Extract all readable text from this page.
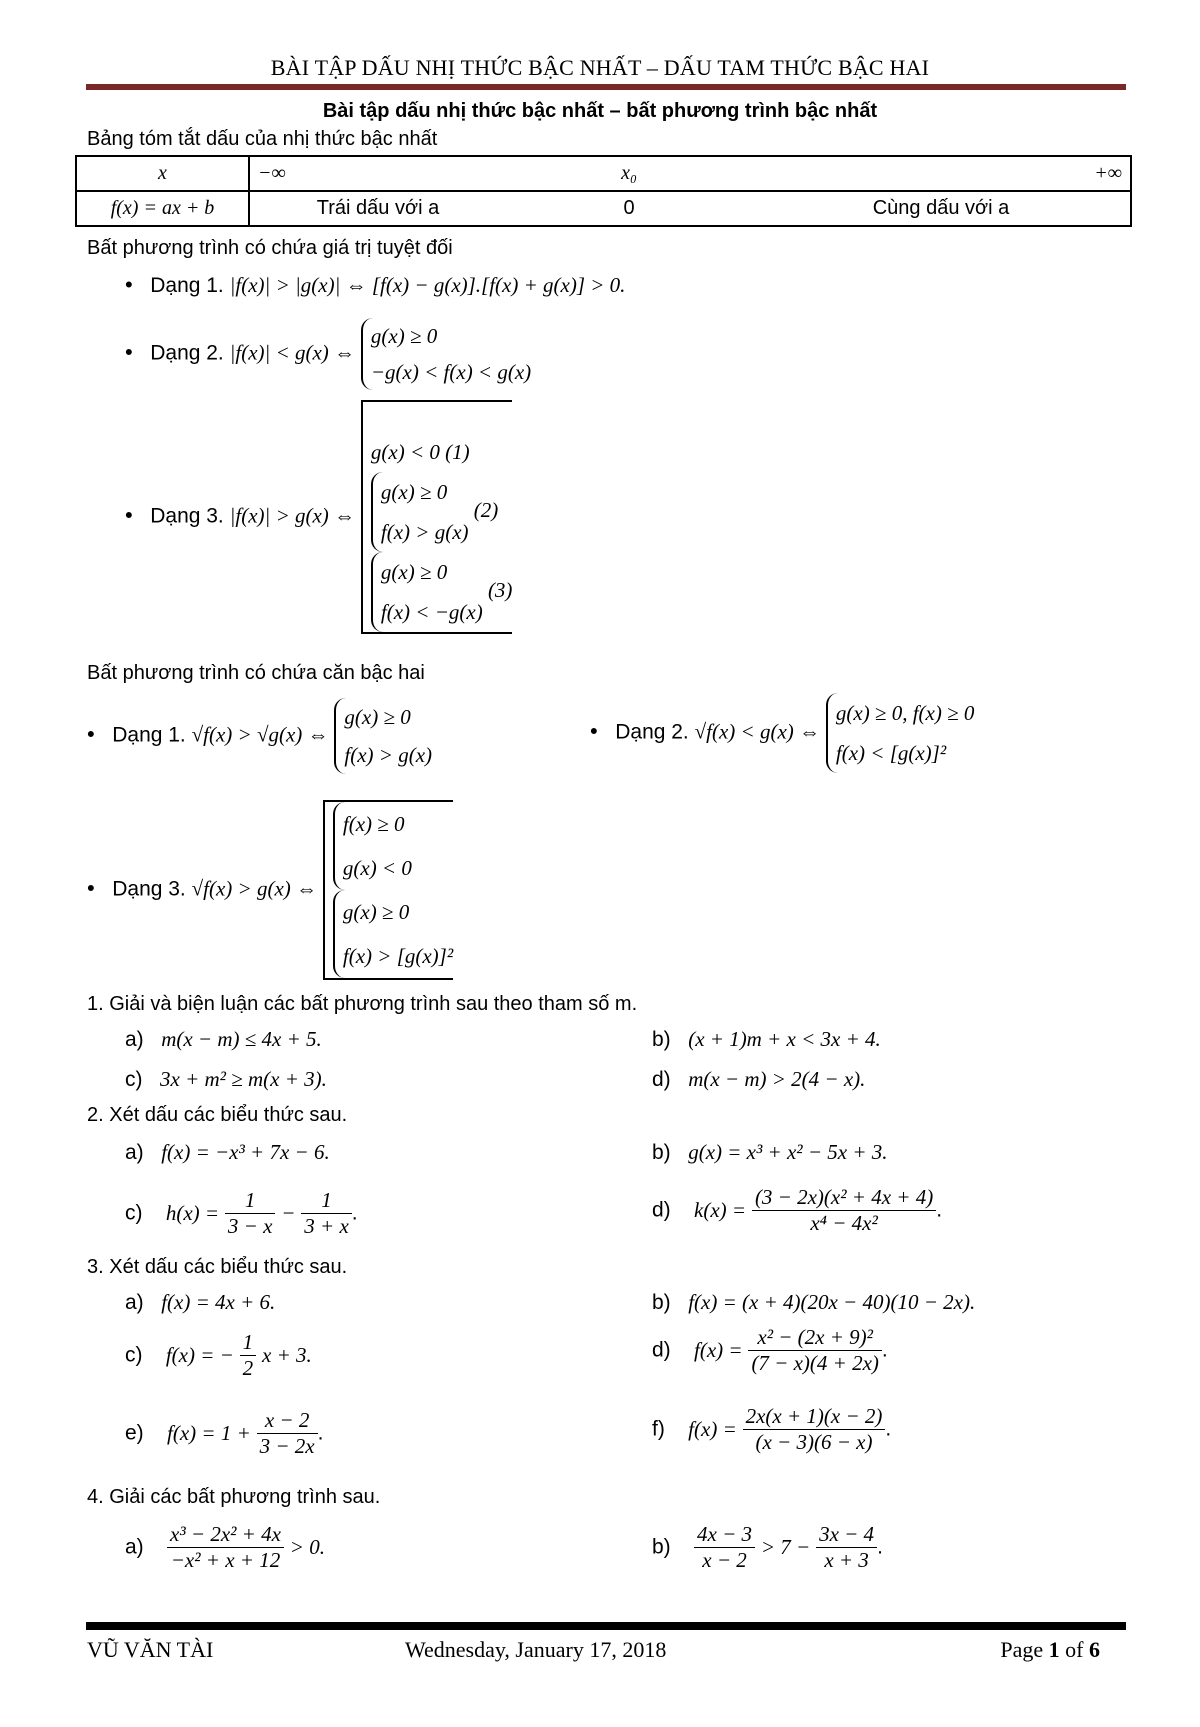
BÀI TẬP DẤU NHỊ THỨC BẬC NHẤT – DẤU TAM THỨC BẬC HAI
Bài tập dấu nhị thức bậc nhất – bất phương trình bậc nhất
Bảng tóm tắt dấu của nhị thức bậc nhất
x	−∞	x₀	+∞
f(x) = ax + b	Trái dấu với a	0	Cùng dấu với a
Bất phương trình có chứa giá trị tuyệt đối
• Dạng 1. |f(x)| > |g(x)| ⇔ [f(x) − g(x)].[f(x) + g(x)] > 0.
• Dạng 2. |f(x)| < g(x) ⇔
g(x) ≥ 0
−g(x) < f(x) < g(x)
• Dạng 3. |f(x)| > g(x) ⇔
g(x) < 0 (1)
g(x) ≥ 0
f(x) > g(x)
(2)
g(x) ≥ 0
f(x) < −g(x)
(3)
Bất phương trình có chứa căn bậc hai
• Dạng 1. √f(x) > √g(x) ⇔
g(x) ≥ 0
f(x) > g(x)
• Dạng 2. √f(x) < g(x) ⇔
g(x) ≥ 0, f(x) ≥ 0
f(x) < [g(x)]²
• Dạng 3. √f(x) > g(x) ⇔
f(x) ≥ 0
g(x) < 0
g(x) ≥ 0
f(x) > [g(x)]²
1. Giải và biện luận các bất phương trình sau theo tham số m.
a) m(x − m) ≤ 4x + 5.	b) (x + 1)m + x < 3x + 4.
c) 3x + m² ≥ m(x + 3).	d) m(x − m) > 2(4 − x).
2. Xét dấu các biểu thức sau.
a) f(x) = −x³ + 7x − 6.	b) g(x) = x³ + x² − 5x + 3.
c) $h(x) = \frac{1}{3 - x} - \frac{1}{3 + x}$ .	d) $k(x) = \frac{\text{(3 − 2x)(x² + 4x + 4)}}{\text{x⁴ − 4x²}}$ .
3. Xét dấu các biểu thức sau.
a) f(x) = 4x + 6.	b) f(x) = (x + 4)(20x − 40)(10 − 2x).
c) f(x) = − $\frac{1}{2}$ x + 3.	d) $f(x) = \frac{\text{x² − (2x + 9)²}}{(7 - x)(4 + 2x)}$ .
e) $f(x) = 1 + \frac{x - 2}{3 - 2x}$ .	f) $f(x) = \frac{2x(x + 1)(x - 2)}{(x - 3)(6 - x)}$ .
4. Giải các bất phương trình sau.
$a) \frac{\text{x³ − 2x² + 4x}}{\text{−x² + x + 12}} > 0$.	$b) \frac{4x - 3}{x - 2} > 7 - \frac{3x - 4}{x + 3}$ .
VŨ VĂN TÀI	Wednesday, January 17, 2018	Page 1 of 6
